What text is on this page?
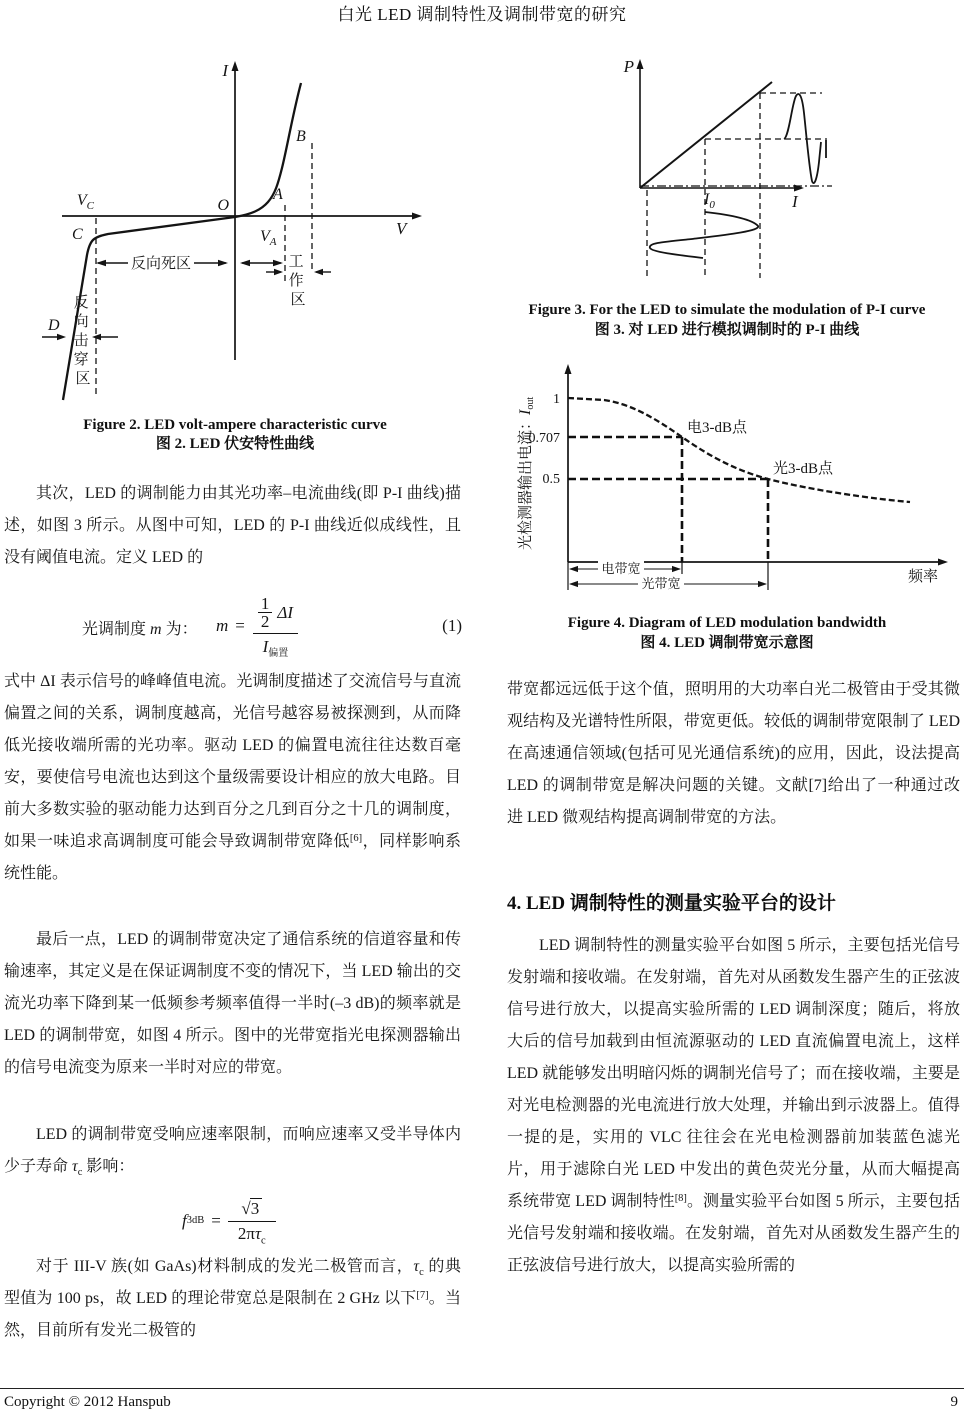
白光 LED 调制特性及调制带宽的研究
反向死区	工 作 区
反 向 击 穿 区
I
V
O
A
B
C
D
$V_C$
$V_A$
Figure 2. LED volt-ampere characteristic curve
图 2. LED 伏安特性曲线

其次，LED 的调制能力由其光功率–电流曲线(即 P-I 曲线)描述，如图 3 所示。从图中可知，LED 的 P-I 曲线近似成线性，且没有阈值电流。定义 LED 的

光调制度 m 为： m =
1
2 ΔI
$I_{偏置}$
(1)

式中 ΔI 表示信号的峰峰值电流。光调制度描述了交流信号与直流偏置之间的关系，调制度越高，光信号越容易被探测到，从而降低光接收端所需的光功率。驱动 LED 的偏置电流往往达数百毫安，要使信号电流也达到这个量级需要设计相应的放大电路。目前大多数实验的驱动能力达到百分之几到百分之十几的调制度，如果一味追求高调制度可能会导致调制带宽降低[6]，同样影响系统性能。

最后一点，LED 的调制带宽决定了通信系统的信道容量和传输速率，其定义是在保证调制度不变的情况下，当 LED 输出的交流光功率下降到某一低频参考频率值得一半时(–3 dB)的频率就是 LED 的调制带宽，如图 4 所示。图中的光带宽指光电探测器输出的信号电流变为原来一半时对应的带宽。

LED 的调制带宽受响应速率限制，而响应速率又受半导体内少子寿命 $\tau_c$ 影响：

f 3dB =
√ 3
$2\pi\tau_c$

对于 III-V 族(如 GaAs)材料制成的发光二极管而言，$\tau_c$ 的典型值为 100 ps，故 LED 的理论带宽总是限制在 2 GHz 以下[7]。当然，目前所有发光二极管的

P
I
$I_0$
Figure 3. For the LED to simulate the modulation of P-I curve
图 3. 对 LED 进行模拟调制时的 P-I 曲线
光检测器输出电流：$I_{out}$ 1
0.707
0.5
电3-dB点
光3-dB点
频率
电带宽
光带宽
Figure 4. Diagram of LED modulation bandwidth
图 4. LED 调制带宽示意图

带宽都远远低于这个值，照明用的大功率白光二极管由于受其微观结构及光谱特性所限，带宽更低。较低的调制带宽限制了 LED 在高速通信领域(包括可见光通信系统)的应用，因此，设法提高 LED 的调制带宽是解决问题的关键。文献[7]给出了一种通过改进 LED 微观结构提高调制带宽的方法。

4. LED 调制特性的测量实验平台的设计

LED 调制特性的测量实验平台如图 5 所示，主要包括光信号发射端和接收端。在发射端，首先对从函数发生器产生的正弦波信号进行放大，以提高实验所需的 LED 调制深度；随后，将放大后的信号加载到由恒流源驱动的 LED 直流偏置电流上，这样 LED 就能够发出明暗闪烁的调制光信号了；而在接收端，主要是对光电检测器的光电流进行放大处理，并输出到示波器上。值得一提的是，实用的 VLC 往往会在光电检测器前加装蓝色滤光片，用于滤除白光 LED 中发出的黄色荧光分量，从而大幅提高系统带宽 LED 调制特性[8]。测量实验平台如图 5 所示，主要包括光信号发射端和接收端。在发射端，首先对从函数发生器产生的正弦波信号进行放大，以提高实验所需的

Copyright © 2012 Hanspub	9
